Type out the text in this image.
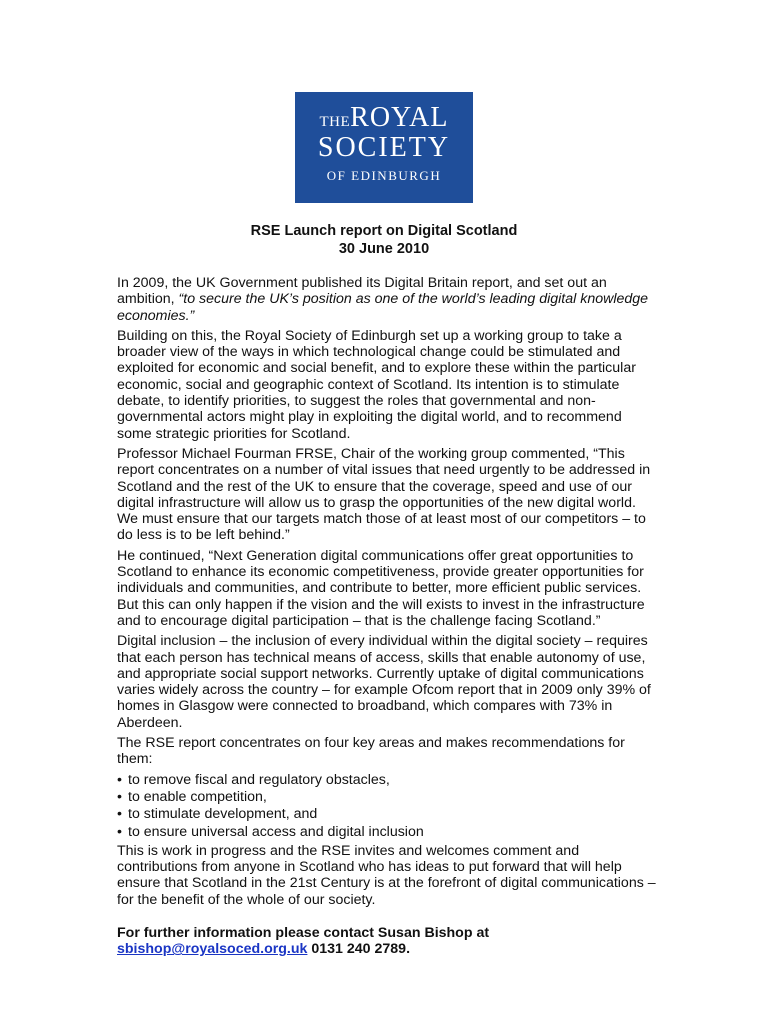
THEROYAL
SOCIETY
OF EDINBURGH
RSE Launch report on Digital Scotland
30 June 2010

In 2009, the UK Government published its Digital Britain report, and set out an ambition, “to secure the UK’s position as one of the world’s leading digital knowledge economies.”

Building on this, the Royal Society of Edinburgh set up a working group to take a broader view of the ways in which technological change could be stimulated and exploited for economic and social benefit, and to explore these within the particular economic, social and geographic context of Scotland. Its intention is to stimulate debate, to identify priorities, to suggest the roles that governmental and non-governmental actors might play in exploiting the digital world, and to recommend some strategic priorities for Scotland.

Professor Michael Fourman FRSE, Chair of the working group commented, “This report concentrates on a number of vital issues that need urgently to be addressed in Scotland and the rest of the UK to ensure that the coverage, speed and use of our digital infrastructure will allow us to grasp the opportunities of the new digital world. We must ensure that our targets match those of at least most of our competitors – to do less is to be left behind.”

He continued, “Next Generation digital communications offer great opportunities to Scotland to enhance its economic competitiveness, provide greater opportunities for individuals and communities, and contribute to better, more efficient public services. But this can only happen if the vision and the will exists to invest in the infrastructure and to encourage digital participation – that is the challenge facing Scotland.”

Digital inclusion – the inclusion of every individual within the digital society – requires that each person has technical means of access, skills that enable autonomy of use, and appropriate social support networks. Currently uptake of digital communications varies widely across the country – for example Ofcom report that in 2009 only 39% of homes in Glasgow were connected to broadband, which compares with 73% in Aberdeen.

The RSE report concentrates on four key areas and makes recommendations for them:

• to remove fiscal and regulatory obstacles,
• to enable competition,
• to stimulate development, and
• to ensure universal access and digital inclusion

This is work in progress and the RSE invites and welcomes comment and contributions from anyone in Scotland who has ideas to put forward that will help ensure that Scotland in the 21st Century is at the forefront of digital communications – for the benefit of the whole of our society.

For further information please contact Susan Bishop at
sbishop@royalsoced.org.uk 0131 240 2789.
